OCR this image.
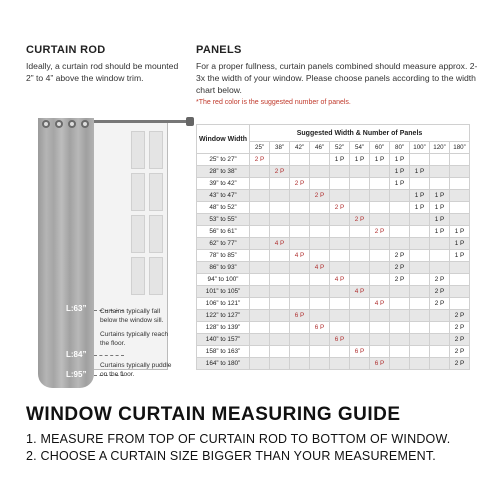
CURTAIN ROD
Ideally, a curtain rod should be mounted 2” to 4” above the window trim.
L:63”
L:84”
L:95”
Curtains typically fall below the window sill.
Curtains typically reach the floor.
Curtains typically puddle on the floor.
PANELS
For a proper fullness, curtain panels combined should measure approx. 2-3x the width of your window. Please choose panels according to the width chart below.
*The red color is the suggested number of panels.
Window Width	Suggested Width & Number of Panels										
	25”	38”	42”	46”	52”	54”	60”	80”	100”	120”	180”
25” to 27”	2 P				1 P	1 P	1 P	1 P			
28” to 38”		2 P						1 P	1 P		
39” to 42”			2 P					1 P			
43” to 47”				2 P					1 P	1 P	
48” to 52”					2 P				1 P	1 P	
53” to 55”						2 P				1 P	
56” to 61”							2 P			1 P	1 P
62” to 77”		4 P									1 P
78” to 85”			4 P					2 P			1 P
86” to 93”				4 P				2 P			
94” to 100”					4 P			2 P		2 P	
101” to 105”						4 P				2 P	
106” to 121”							4 P			2 P	
122” to 127”			6 P								2 P
128” to 139”				6 P							2 P
140” to 157”					6 P						2 P
158” to 163”						6 P					2 P
164” to 180”							6 P				2 P
WINDOW CURTAIN MEASURING GUIDE
1. MEASURE FROM TOP OF CURTAIN ROD TO BOTTOM OF WINDOW.
2. CHOOSE A CURTAIN SIZE BIGGER THAN YOUR MEASUREMENT.
